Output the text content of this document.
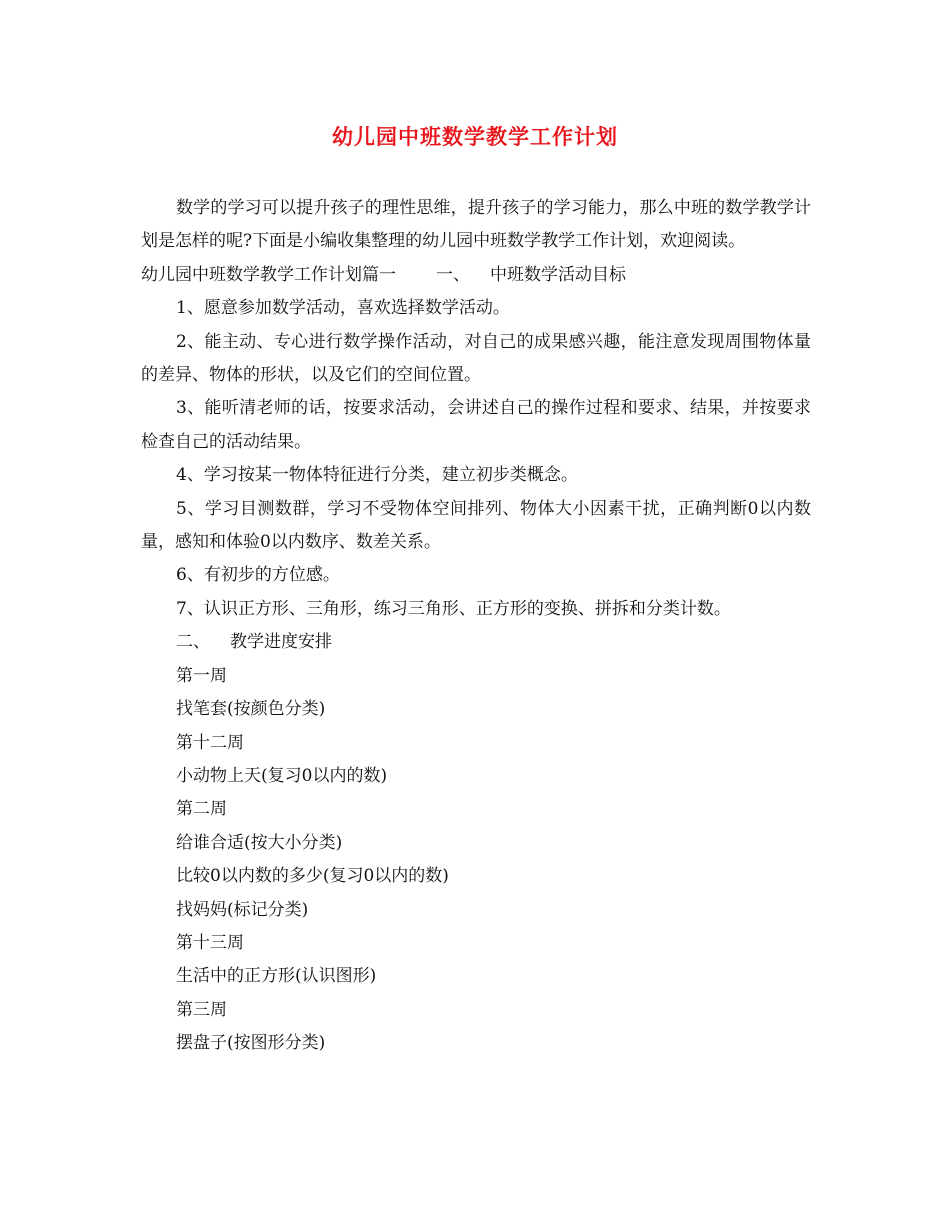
幼儿园中班数学教学工作计划

数学的学习可以提升孩子的理性思维，提升孩子的学习能力，那么中班的数学教学计划是怎样的呢?下面是小编收集整理的幼儿园中班数学教学工作计划，欢迎阅读。

幼儿园中班数学教学工作计划篇一 一、 中班数学活动目标

1、愿意参加数学活动，喜欢选择数学活动。

2、能主动、专心进行数学操作活动，对自己的成果感兴趣，能注意发现周围物体量的差异、物体的形状，以及它们的空间位置。

3、能听清老师的话，按要求活动，会讲述自己的操作过程和要求、结果，并按要求检查自己的活动结果。

4、学习按某一物体特征进行分类，建立初步类概念。

5、学习目测数群，学习不受物体空间排列、物体大小因素干扰，正确判断0以内数量，感知和体验0以内数序、数差关系。

6、有初步的方位感。

7、认识正方形、三角形，练习三角形、正方形的变换、拼拆和分类计数。

二、 教学进度安排

第一周

找笔套(按颜色分类)

第十二周

小动物上天(复习0以内的数)

第二周

给谁合适(按大小分类)

比较0以内数的多少(复习0以内的数)

找妈妈(标记分类)

第十三周

生活中的正方形(认识图形)

第三周

摆盘子(按图形分类)
